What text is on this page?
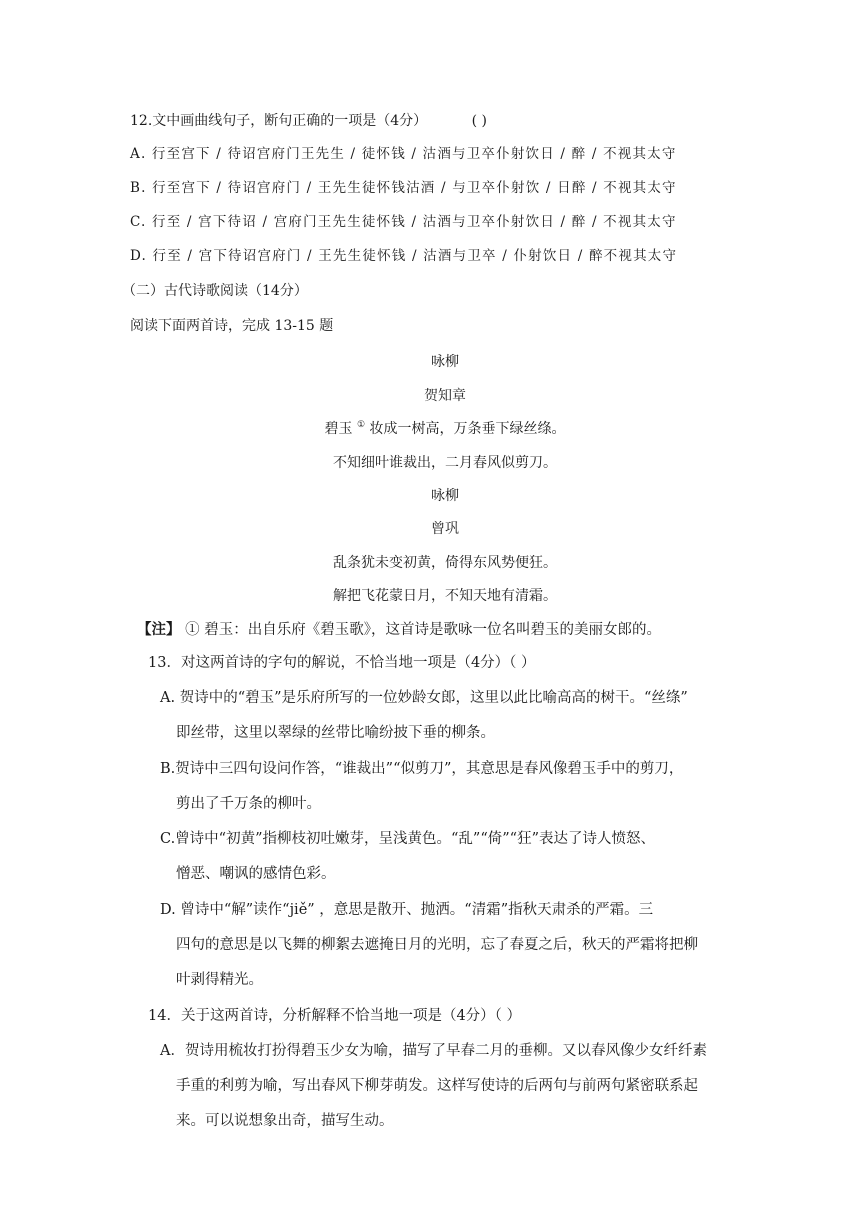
12.文中画曲线句子，断句正确的一项是（4分）	( )
A. 行至宫下 / 待诏宫府门王先生 / 徒怀钱 / 沽酒与卫卒仆射饮日 / 醉 / 不视其太守
B. 行至宫下 / 待诏宫府门 / 王先生徒怀钱沽酒 / 与卫卒仆射饮 / 日醉 / 不视其太守
C. 行至 / 宫下待诏 / 宫府门王先生徒怀钱 / 沽酒与卫卒仆射饮日 / 醉 / 不视其太守
D. 行至 / 宫下待诏宫府门 / 王先生徒怀钱 / 沽酒与卫卒 / 仆射饮日 / 醉不视其太守
（二）古代诗歌阅读（14分）
阅读下面两首诗，完成 13-15 题
咏柳
贺知章
碧玉 ① 妆成一树高，万条垂下绿丝绦。
不知细叶谁裁出，二月春风似剪刀。
咏柳
曾巩
乱条犹未变初黄，倚得东风势便狂。
解把飞花蒙日月，不知天地有清霜。
【注】 ① 碧玉：出自乐府《碧玉歌》，这首诗是歌咏一位名叫碧玉的美丽女郎的。
13．对这两首诗的字句的解说，不恰当地一项是（4分）（ ）
A. 贺诗中的“碧玉”是乐府所写的一位妙龄女郎，这里以此比喻高高的树干。“丝绦”
即丝带，这里以翠绿的丝带比喻纷披下垂的柳条。
B.贺诗中三四句设问作答，“谁裁出”“似剪刀”，其意思是春风像碧玉手中的剪刀，
剪出了千万条的柳叶。
C.曾诗中“初黄”指柳枝初吐嫩芽，呈浅黄色。“乱”“倚”“狂”表达了诗人愤怒、
憎恶、嘲讽的感情色彩。
D. 曾诗中“解”读作“jiě” ，意思是散开、抛洒。“清霜”指秋天肃杀的严霜。三
四句的意思是以飞舞的柳絮去遮掩日月的光明，忘了春夏之后，秋天的严霜将把柳
叶剥得精光。
14．关于这两首诗，分析解释不恰当地一项是（4分）（ ）
A．贺诗用梳妆打扮得碧玉少女为喻，描写了早春二月的垂柳。又以春风像少女纤纤素
手重的利剪为喻，写出春风下柳芽萌发。这样写使诗的后两句与前两句紧密联系起
来。可以说想象出奇，描写生动。
